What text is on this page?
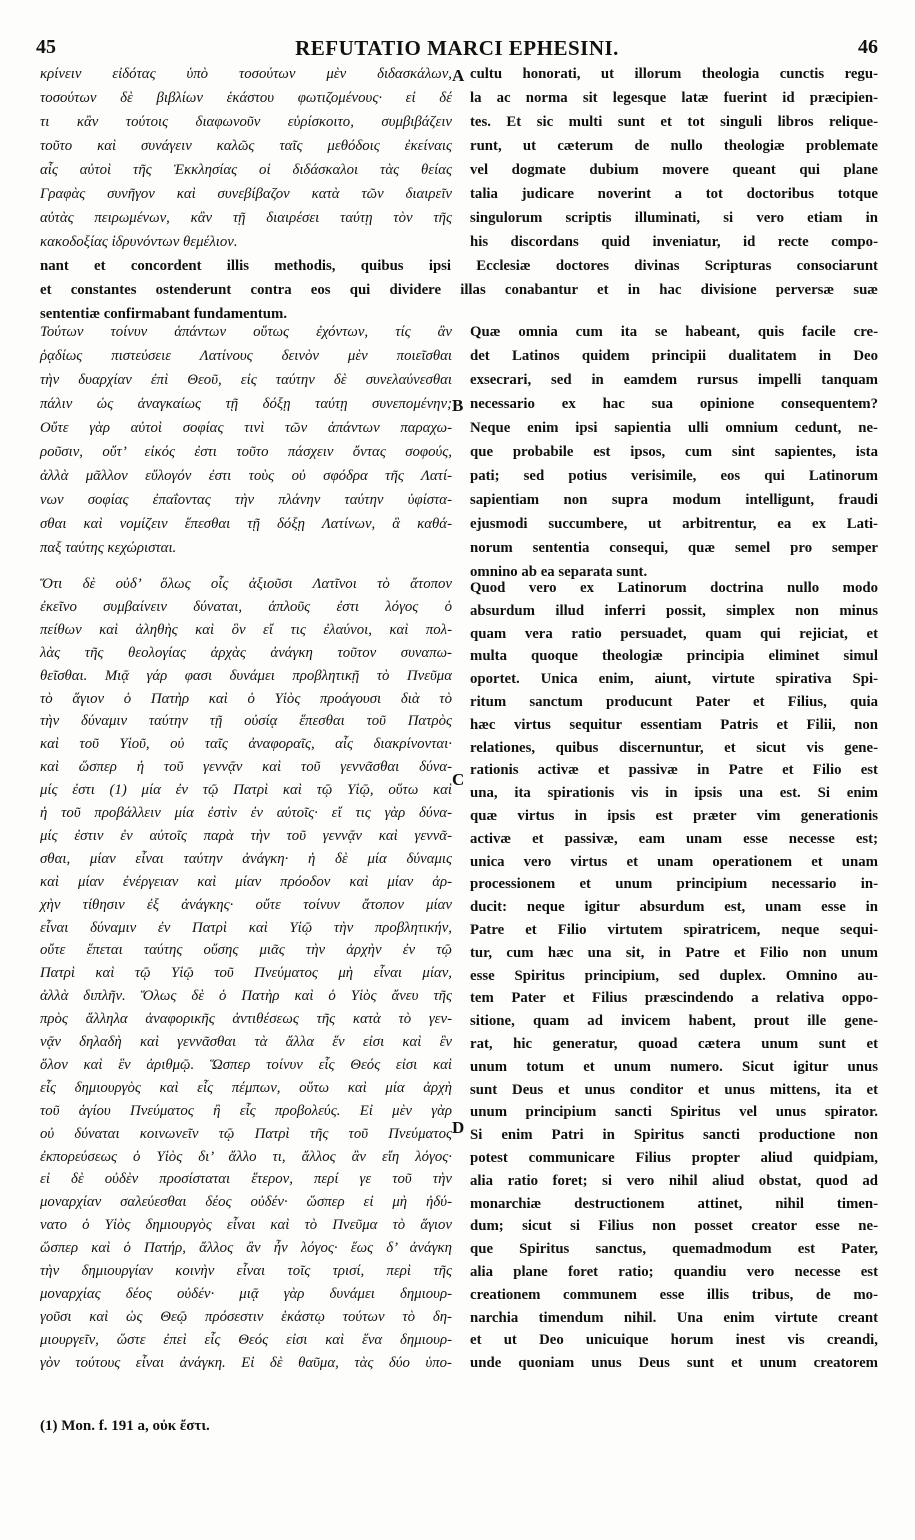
45	REFUTATIO MARCI EPHESINI.	46
κρίνειν εἰδότας ὑπὸ τοσούτων μὲν διδασκάλων,
τοσούτων δὲ βιβλίων ἑκάστου φωτιζομένους· εἰ δέ
τι κἂν τούτοις διαφωνοῦν εὑρίσκοιτο, συμβιβάζειν
τοῦτο καὶ συνάγειν καλῶς ταῖς μεθόδοις ἐκείναις
αἷς αὐτοὶ τῆς Ἐκκλησίας οἱ διδάσκαλοι τὰς θείας
Γραφὰς συνῆγον καὶ συνεβίβαζον κατὰ τῶν διαιρεῖν
αὐτὰς πειρωμένων, κἂν τῇ διαιρέσει ταύτῃ τὸν τῆς
κακοδοξίας ἱδρυνόντων θεμέλιον.
cultu honorati, ut illorum theologia cunctis regu-
la ac norma sit legesque latæ fuerint id præcipien-
tes. Et sic multi sunt et tot singuli libros relique-
runt, ut cæterum de nullo theologiæ problemate
vel dogmate dubium movere queant qui plane
talia judicare noverint a tot doctoribus totque
singulorum scriptis illuminati, si vero etiam in
his discordans quid inveniatur, id recte compo-
nant et concordent illis methodis, quibus ipsi Ecclesiæ doctores divinas Scripturas consociarunt
et constantes ostenderunt contra eos qui dividere illas conabantur et in hac divisione perversæ suæ
sententiæ confirmabant fundamentum.
Τούτων τοίνυν ἁπάντων οὕτως ἐχόντων, τίς ἂν
ῥᾳδίως πιστεύσειε Λατίνους δεινὸν μὲν ποιεῖσθαι
τὴν δυαρχίαν ἐπὶ Θεοῦ, εἰς ταύτην δὲ συνελαύνεσθαι
πάλιν ὡς ἀναγκαίως τῇ δόξῃ ταύτῃ συνεπομένην;
Οὔτε γὰρ αὐτοὶ σοφίας τινὶ τῶν ἁπάντων παραχω-
ροῦσιν, οὔτ’ εἰκός ἐστι τοῦτο πάσχειν ὄντας σοφούς,
ἀλλὰ μᾶλλον εὔλογόν ἐστι τοὺς οὐ σφόδρα τῆς Λατί-
νων σοφίας ἐπαΐοντας τὴν πλάνην ταύτην ὑφίστα-
σθαι καὶ νομίζειν ἕπεσθαι τῇ δόξῃ Λατίνων, ἃ καθά-
παξ ταύτης κεχώρισται.
Quæ omnia cum ita se habeant, quis facile cre-
det Latinos quidem principii dualitatem in Deo
exsecrari, sed in eamdem rursus impelli tanquam
necessario ex hac sua opinione consequentem?
Neque enim ipsi sapientia ulli omnium cedunt, ne-
que probabile est ipsos, cum sint sapientes, ista
pati; sed potius verisimile, eos qui Latinorum
sapientiam non supra modum intelligunt, fraudi
ejusmodi succumbere, ut arbitrentur, ea ex Lati-
norum sententia consequi, quæ semel pro semper
omnino ab ea separata sunt.
Ὅτι δὲ οὐδ’ ὅλως οἷς ἀξιοῦσι Λατῖνοι τὸ ἄτοπον
ἐκεῖνο συμβαίνειν δύναται, ἁπλοῦς ἐστι λόγος ὁ
πείθων καὶ ἀληθὴς καὶ ὃν εἴ τις ἐλαύνοι, καὶ πολ-
λὰς τῆς θεολογίας ἀρχὰς ἀνάγκη τοῦτον συναπω-
θεῖσθαι. Μιᾷ γάρ φασι δυνάμει προβλητικῇ τὸ Πνεῦμα
τὸ ἅγιον ὁ Πατὴρ καὶ ὁ Υἱὸς προάγουσι διὰ τὸ
τὴν δύναμιν ταύτην τῇ οὐσίᾳ ἕπεσθαι τοῦ Πατρὸς
καὶ τοῦ Υἱοῦ, οὐ ταῖς ἀναφοραῖς, αἷς διακρίνονται·
καὶ ὥσπερ ἡ τοῦ γεννᾷν καὶ τοῦ γεννᾶσθαι δύνα-
μίς ἐστι (1) μία ἐν τῷ Πατρὶ καὶ τῷ Υἱῷ, οὕτω καὶ
ἡ τοῦ προβάλλειν μία ἐστὶν ἐν αὐτοῖς· εἴ τις γὰρ δύνα-
μίς ἐστιν ἐν αὐτοῖς παρὰ τὴν τοῦ γεννᾷν καὶ γεννᾶ-
σθαι, μίαν εἶναι ταύτην ἀνάγκη· ἡ δὲ μία δύναμις
καὶ μίαν ἐνέργειαν καὶ μίαν πρόοδον καὶ μίαν ἀρ-
χὴν τίθησιν ἐξ ἀνάγκης· οὔτε τοίνυν ἄτοπον μίαν
εἶναι δύναμιν ἐν Πατρὶ καὶ Υἱῷ τὴν προβλητικήν,
οὔτε ἕπεται ταύτης οὔσης μιᾶς τὴν ἀρχὴν ἐν τῷ
Πατρὶ καὶ τῷ Υἱῷ τοῦ Πνεύματος μὴ εἶναι μίαν,
ἀλλὰ διπλῆν. Ὅλως δὲ ὁ Πατὴρ καὶ ὁ Υἱὸς ἄνευ τῆς
πρὸς ἄλληλα ἀναφορικῆς ἀντιθέσεως τῆς κατὰ τὸ γεν-
νᾷν δηλαδὴ καὶ γεννᾶσθαι τὰ ἄλλα ἕν εἰσι καὶ ἓν
ὅλον καὶ ἓν ἀριθμῷ. Ὥσπερ τοίνυν εἷς Θεός εἰσι καὶ
εἷς δημιουργὸς καὶ εἷς πέμπων, οὕτω καὶ μία ἀρχὴ
τοῦ ἁγίου Πνεύματος ἢ εἷς προβολεύς. Εἰ μὲν γὰρ
οὐ δύναται κοινωνεῖν τῷ Πατρὶ τῆς τοῦ Πνεύματος
ἐκπορεύσεως ὁ Υἱὸς δι’ ἄλλο τι, ἄλλος ἂν εἴη λόγος·
εἰ δὲ οὐδὲν προσίσταται ἕτερον, περί γε τοῦ τὴν
μοναρχίαν σαλεύεσθαι δέος οὐδέν· ὥσπερ εἰ μὴ ἠδύ-
νατο ὁ Υἱὸς δημιουργὸς εἶναι καὶ τὸ Πνεῦμα τὸ ἅγιον
ὥσπερ καὶ ὁ Πατήρ, ἄλλος ἂν ἦν λόγος· ἕως δ’ ἀνάγκη
τὴν δημιουργίαν κοινὴν εἶναι τοῖς τρισί, περὶ τῆς
μοναρχίας δέος οὐδέν· μιᾷ γὰρ δυνάμει δημιουρ-
γοῦσι καὶ ὡς Θεῷ πρόσεστιν ἑκάστῳ τούτων τὸ δη-
μιουργεῖν, ὥστε ἐπεὶ εἷς Θεός εἰσι καὶ ἕνα δημιουρ-
γὸν τούτους εἶναι ἀνάγκη. Εἰ δὲ θαῦμα, τὰς δύο ὑπο-
Quod vero ex Latinorum doctrina nullo modo
absurdum illud inferri possit, simplex non minus
quam vera ratio persuadet, quam qui rejiciat, et
multa quoque theologiæ principia eliminet simul
oportet. Unica enim, aiunt, virtute spirativa Spi-
ritum sanctum producunt Pater et Filius, quia
hæc virtus sequitur essentiam Patris et Filii, non
relationes, quibus discernuntur, et sicut vis gene-
rationis activæ et passivæ in Patre et Filio est
una, ita spirationis vis in ipsis una est. Si enim
quæ virtus in ipsis est præter vim generationis
activæ et passivæ, eam unam esse necesse est;
unica vero virtus et unam operationem et unam
processionem et unum principium necessario in-
ducit: neque igitur absurdum est, unam esse in
Patre et Filio virtutem spiratricem, neque sequi-
tur, cum hæc una sit, in Patre et Filio non unum
esse Spiritus principium, sed duplex. Omnino au-
tem Pater et Filius præscindendo a relativa oppo-
sitione, quam ad invicem habent, prout ille gene-
rat, hic generatur, quoad cætera unum sunt et
unum totum et unum numero. Sicut igitur unus
sunt Deus et unus conditor et unus mittens, ita et
unum principium sancti Spiritus vel unus spirator.
Si enim Patri in Spiritus sancti productione non
potest communicare Filius propter aliud quidpiam,
alia ratio foret; si vero nihil aliud obstat, quod ad
monarchiæ destructionem attinet, nihil timen-
dum; sicut si Filius non posset creator esse ne-
que Spiritus sanctus, quemadmodum est Pater,
alia plane foret ratio; quandiu vero necesse est
creationem communem esse illis tribus, de mo-
narchia timendum nihil. Una enim virtute creant
et ut Deo unicuique horum inest vis creandi,
unde quoniam unus Deus sunt et unum creatorem
A
B
C
D
(1) Mon. f. 191 a, οὐκ ἔστι.
